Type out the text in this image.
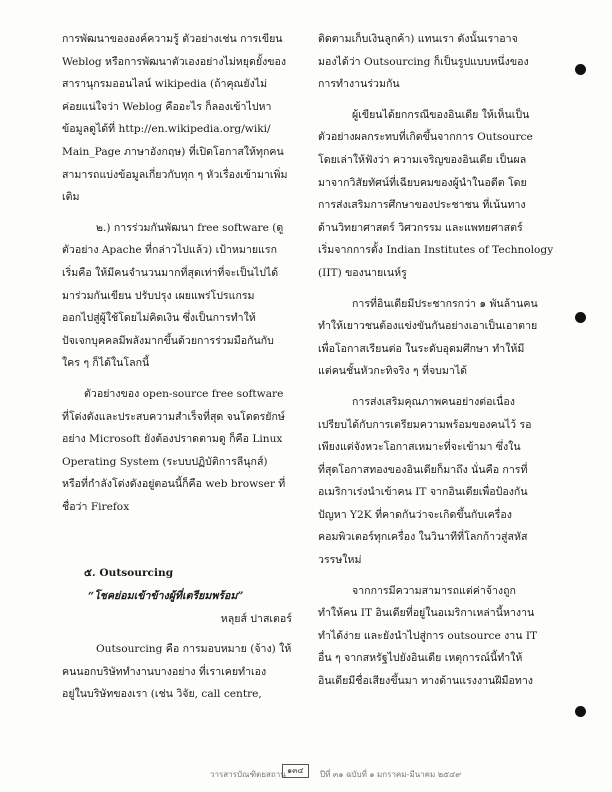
การพัฒนาขององค์ความรู้ ตัวอย่างเช่น การเขียน
Weblog หรือการพัฒนาตัวเองอย่างไม่หยุดยั้งของ
สารานุกรมออนไลน์ wikipedia (ถ้าคุณยังไม่
ค่อยแน่ใจว่า Weblog คืออะไร ก็ลองเข้าไปหา
ข้อมูลดูได้ที่ http://en.wikipedia.org/wiki/
Main_Page ภาษาอังกฤษ) ที่เปิดโอกาสให้ทุกคน
สามารถแบ่งข้อมูลเกี่ยวกับทุก ๆ หัวเรื่องเข้ามาเพิ่ม
เติม
๒.) การร่วมกันพัฒนา free software (ดู
ตัวอย่าง Apache ที่กล่าวไปแล้ว) เป้าหมายแรก
เริ่มคือ ให้มีคนจำนวนมากที่สุดเท่าที่จะเป็นไปได้
มาร่วมกันเขียน ปรับปรุง เผยแพร่โปรแกรม
ออกไปสู่ผู้ใช้โดยไม่คิดเงิน ซึ่งเป็นการทำให้
ปัจเจกบุคคลมีพลังมากขึ้นด้วยการร่วมมือกันกับ
ใคร ๆ ก็ได้ในโลกนี้
ตัวอย่างของ open-source free software
ที่โด่งดังและประสบความสำเร็จที่สุด จนโดดรยักษ์
อย่าง Microsoft ยังต้องปราดตามดู ก็คือ Linux
Operating System (ระบบปฏิบัติการลีนุกส์)
หรือที่กำลังโด่งดังอยู่ตอนนี้ก็คือ web browser ที่
ชื่อว่า Firefox
๕. Outsourcing
“โชคย่อมเข้าข้างผู้ที่เตรียมพร้อม”
หลุยส์ ปาสเตอร์
Outsourcing คือ การมอบหมาย (จ้าง) ให้
คนนอกบริษัททำงานบางอย่าง ที่เราเคยทำเอง
อยู่ในบริษัทของเรา (เช่น วิจัย, call centre,
ติดตามเก็บเงินลูกค้า) แทนเรา ดังนั้นเราอาจ
มองได้ว่า Outsourcing ก็เป็นรูปแบบหนึ่งของ
การทำงานร่วมกัน
ผู้เขียนได้ยกกรณีของอินเดีย ให้เห็นเป็น
ตัวอย่างผลกระทบที่เกิดขึ้นจากการ Outsource
โดยเล่าให้ฟังว่า ความเจริญของอินเดีย เป็นผล
มาจากวิสัยทัศน์ที่เฉียบคมของผู้นำในอดีต โดย
การส่งเสริมการศึกษาของประชาชน ที่เน้นทาง
ด้านวิทยาศาสตร์ วิศวกรรม และแพทยศาสตร์
เริ่มจากการตั้ง Indian Institutes of Technology
(IIT) ของนายเนห์รู
การที่อินเดียมีประชากรกว่า ๑ พันล้านคน
ทำให้เยาวชนต้องแข่งขันกันอย่างเอาเป็นเอาตาย
เพื่อโอกาสเรียนต่อ ในระดับอุดมศึกษา ทำให้มี
แต่คนชั้นหัวกะทิจริง ๆ ที่จบมาได้
การส่งเสริมคุณภาพคนอย่างต่อเนื่อง
เปรียบได้กับการเตรียมความพร้อมของคนไว้ รอ
เพียงแต่จังหวะโอกาสเหมาะที่จะเข้ามา ซึ่งใน
ที่สุดโอกาสทองของอินเดียก็มาถึง นั่นคือ การที่
อเมริกาเร่งนำเข้าคน IT จากอินเดียเพื่อป้องกัน
ปัญหา Y2K ที่คาดกันว่าจะเกิดขึ้นกับเครื่อง
คอมพิวเตอร์ทุกเครื่อง ในวินาทีที่โลกก้าวสู่สหัส
วรรษใหม่
จากการมีความสามารถแต่ค่าจ้างถูก
ทำให้คน IT อินเดียที่อยู่ในอเมริกาเหล่านี้หางาน
ทำได้ง่าย และยังนำไปสู่การ outsource งาน IT
อื่น ๆ จากสหรัฐไปยังอินเดีย เหตุการณ์นี้ทำให้
อินเดียมีชื่อเสียงขึ้นมา ทางด้านแรงงานฝีมือทาง
วารสารบัณฑิตยสถาน ๑๓๔	ปีที่ ๓๑ ฉบับที่ ๑ มกราคม-มีนาคม ๒๕๔๙
